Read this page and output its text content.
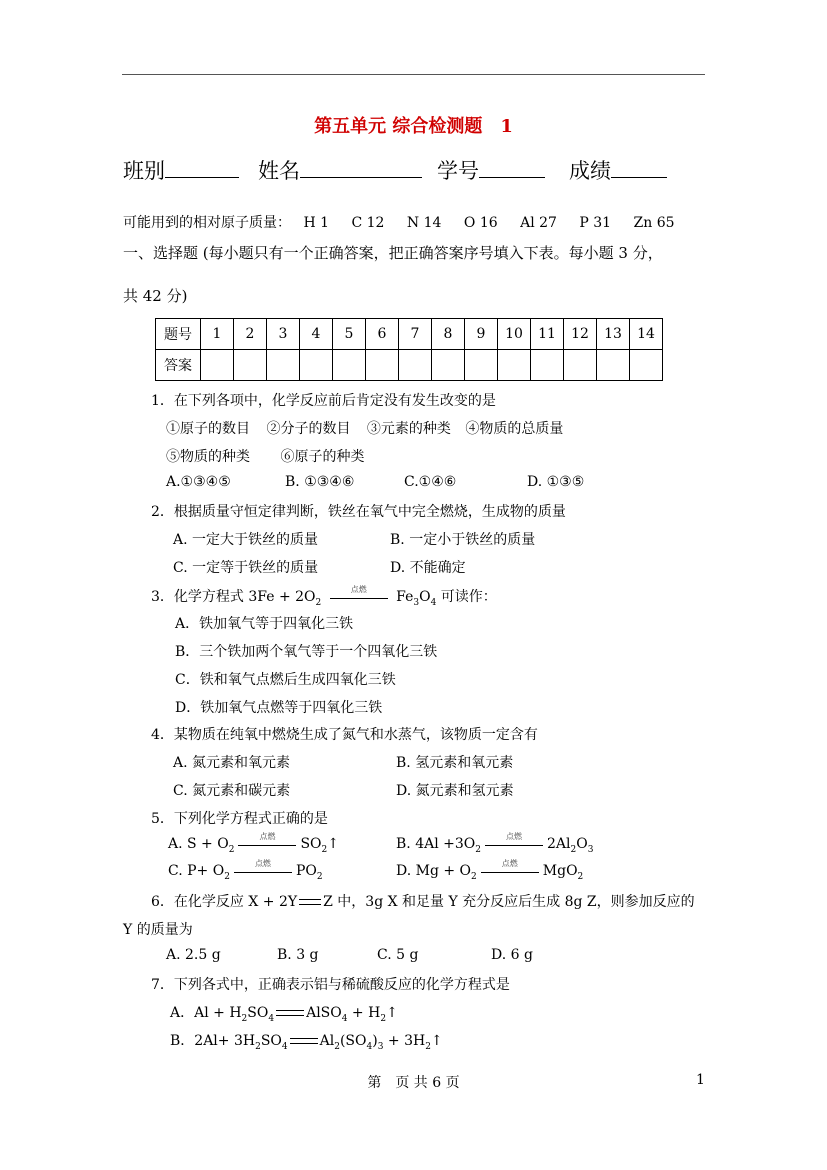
第五单元 综合检测题　1
班别	姓名	学号	成绩
可能用到的相对原子质量： H 1 C 12 N 14 O 16 Al 27 P 31 Zn 65
一、选择题 (每小题只有一个正确答案，把正确答案序号填入下表。每小题 3 分，
共 42 分)
题号	1	2	3	4	5	6	7	8	9	10	11	12	13	14
答案														
1．在下列各项中，化学反应前后肯定没有发生改变的是
①原子的数目 ②分子的数目 ③元素的种类 ④物质的总质量
⑤物质的种类 ⑥原子的种类
A.①③④⑤	B. ①③④⑥	C.①④⑥	D. ①③⑤
2．根据质量守恒定律判断，铁丝在氧气中完全燃烧，生成物的质量
A. 一定大于铁丝的质量	B. 一定小于铁丝的质量
C. 一定等于铁丝的质量	D. 不能确定
3．化学方程式 $3Fe + 2O_2$
点燃	$Fe_3O_4$ 可读作：
A．铁加氧气等于四氧化三铁
B．三个铁加两个氧气等于一个四氧化三铁
C．铁和氧气点燃后生成四氧化三铁
D．铁加氧气点燃等于四氧化三铁
4．某物质在纯氧中燃烧生成了氮气和水蒸气，该物质一定含有
A. 氮元素和氧元素	B. 氢元素和氧元素
C. 氮元素和碳元素	D. 氮元素和氢元素
5．下列化学方程式正确的是
A. $S + O_2$
点燃	$SO_2↑$	B. $4Al +3O_2$
点燃	$2Al_2O_3$
C. $P+ O_2$
点燃	$PO_2$	D. $Mg + O_2$
点燃	MgO$_2$
6．在化学反应 X + 2Y Z 中，3g X 和足量 Y 充分反应后生成 8g Z，则参加反应的
Y 的质量为
A. 2.5 g	B. 3 g	C. 5 g	D. 6 g
7．下列各式中，正确表示铝与稀硫酸反应的化学方程式是
A．$Al + H_2SO_4$ AlSO$_4$ + $H_2↑$
B．$2Al+ 3H_2SO_4$ $Al_2(SO_4)_3$ + $3H_2↑$
第　页 共 6 页	1
